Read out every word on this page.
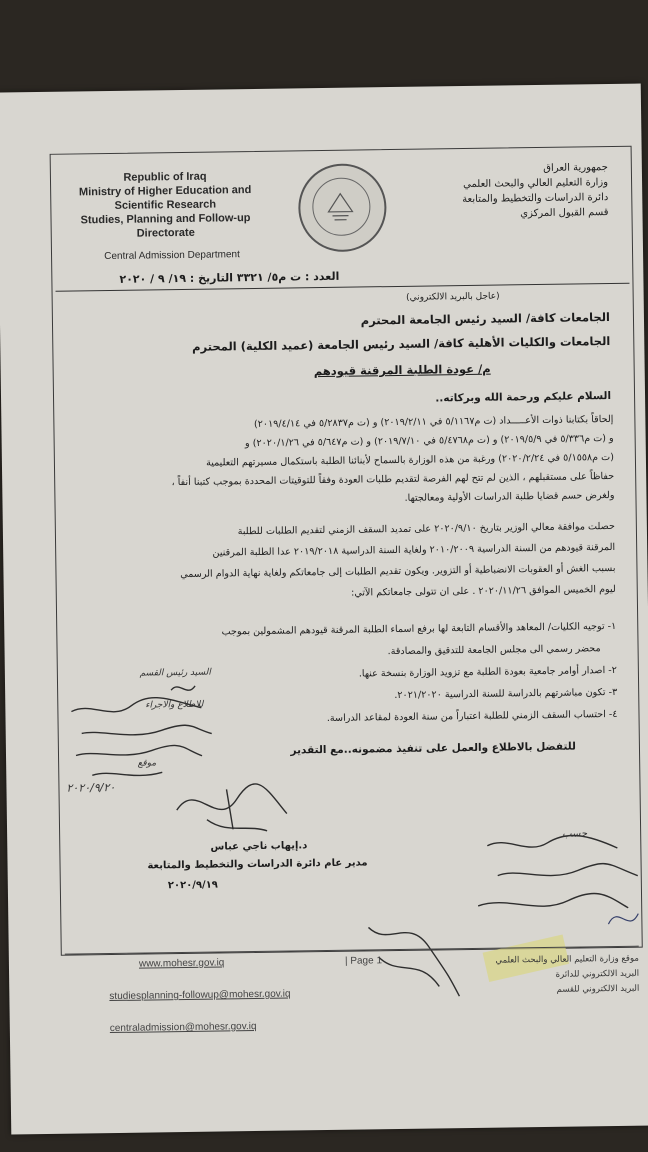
Republic of Iraq
Ministry of Higher Education and
Scientific Research
Studies, Planning and Follow-up
Directorate
Central Admission Department
جمهورية العراق
وزارة التعليم العالي والبحث العلمي
دائرة الدراسات والتخطيط والمتابعة
قسم القبول المركزي
العدد : ت م٥/ ٣٣٢١ التاريخ : ١٩/ ٩ / ٢٠٢٠
(عاجل بالبريد الالكتروني)
الجامعات كافة/ السيد رئيس الجامعة المحترم
الجامعات والكليات الأهلية كافة/ السيد رئيس الجامعة (عميد الكلية) المحترم
م/ عودة الطلبة المرقنة قيودهم
السلام عليكم ورحمة الله وبركاته..
إلحاقاً بكتابنا ذوات الأعـــــداد (ت م٥/١١٦٧ في ٢٠١٩/٢/١١) و (ت م٥/٢٨٣٧ في ٢٠١٩/٤/١٤)
و (ت م٥/٣٣٦ في ٢٠١٩/٥/٩) و (ت م٥/٤٧٦٨ في ٢٠١٩/٧/١٠) و (ت م٥/٦٤٧ في ٢٠٢٠/١/٢٦) و
(ت م٥/١٥٥٨ في ٢٠٢٠/٢/٢٤) ورغبة من هذه الوزارة بالسماح لأبنائنا الطلبة باستكمال مسيرتهم التعليمية
حفاظاً على مستقبلهم ، الذين لم تتح لهم الفرصة لتقديم طلبات العودة وفقاً للتوقيتات المحددة بموجب كتبنا أنفاً ،
ولغرض حسم قضايا طلبة الدراسات الأولية ومعالجتها.
حصلت موافقة معالي الوزير بتاريخ ٢٠٢٠/٩/١٠ على تمديد السقف الزمني لتقديم الطلبات للطلبة
المرقنة قيودهم من السنة الدراسية ٢٠١٠/٢٠٠٩ ولغاية السنة الدراسية ٢٠١٩/٢٠١٨ عدا الطلبة المرقنين
بسبب الغش أو العقوبات الانضباطية أو التزوير. ويكون تقديم الطلبات إلى جامعاتكم ولغاية نهاية الدوام الرسمي
ليوم الخميس الموافق ٢٠٢٠/١١/٢٦ . على ان تتولى جامعاتكم الآتي:
١- توجيه الكليات/ المعاهد والأقسام التابعة لها برفع اسماء الطلبة المرقنة قيودهم المشمولين بموجب
محضر رسمي الى مجلس الجامعة للتدقيق والمصادقة.
٢- اصدار أوامر جامعية بعودة الطلبة مع تزويد الوزارة بنسخة عنها.
٣- تكون مباشرتهم بالدراسة للسنة الدراسية ٢٠٢١/٢٠٢٠.
٤- احتساب السقف الزمني للطلبة اعتباراً من سنة العودة لمقاعد الدراسة.
للتفضل بالاطلاع والعمل على تنفيذ مضمونه..مع التقدير
السيد رئيس القسم
للاطلاع والاجراء
موقع
٢٠٢٠/٩/٢٠
د.إيهاب ناجي عباس
مدير عام دائرة الدراسات والتخطيط والمتابعة
٢٠٢٠/٩/١٩
حسب
www.mohesr.gov.iq
studiesplanning-followup@mohesr.gov.iq
centraladmission@mohesr.gov.iq
| Page 1	موقع وزارة التعليم العالي والبحث العلمي
البريد الالكتروني للدائرة
البريد الالكتروني للقسم
